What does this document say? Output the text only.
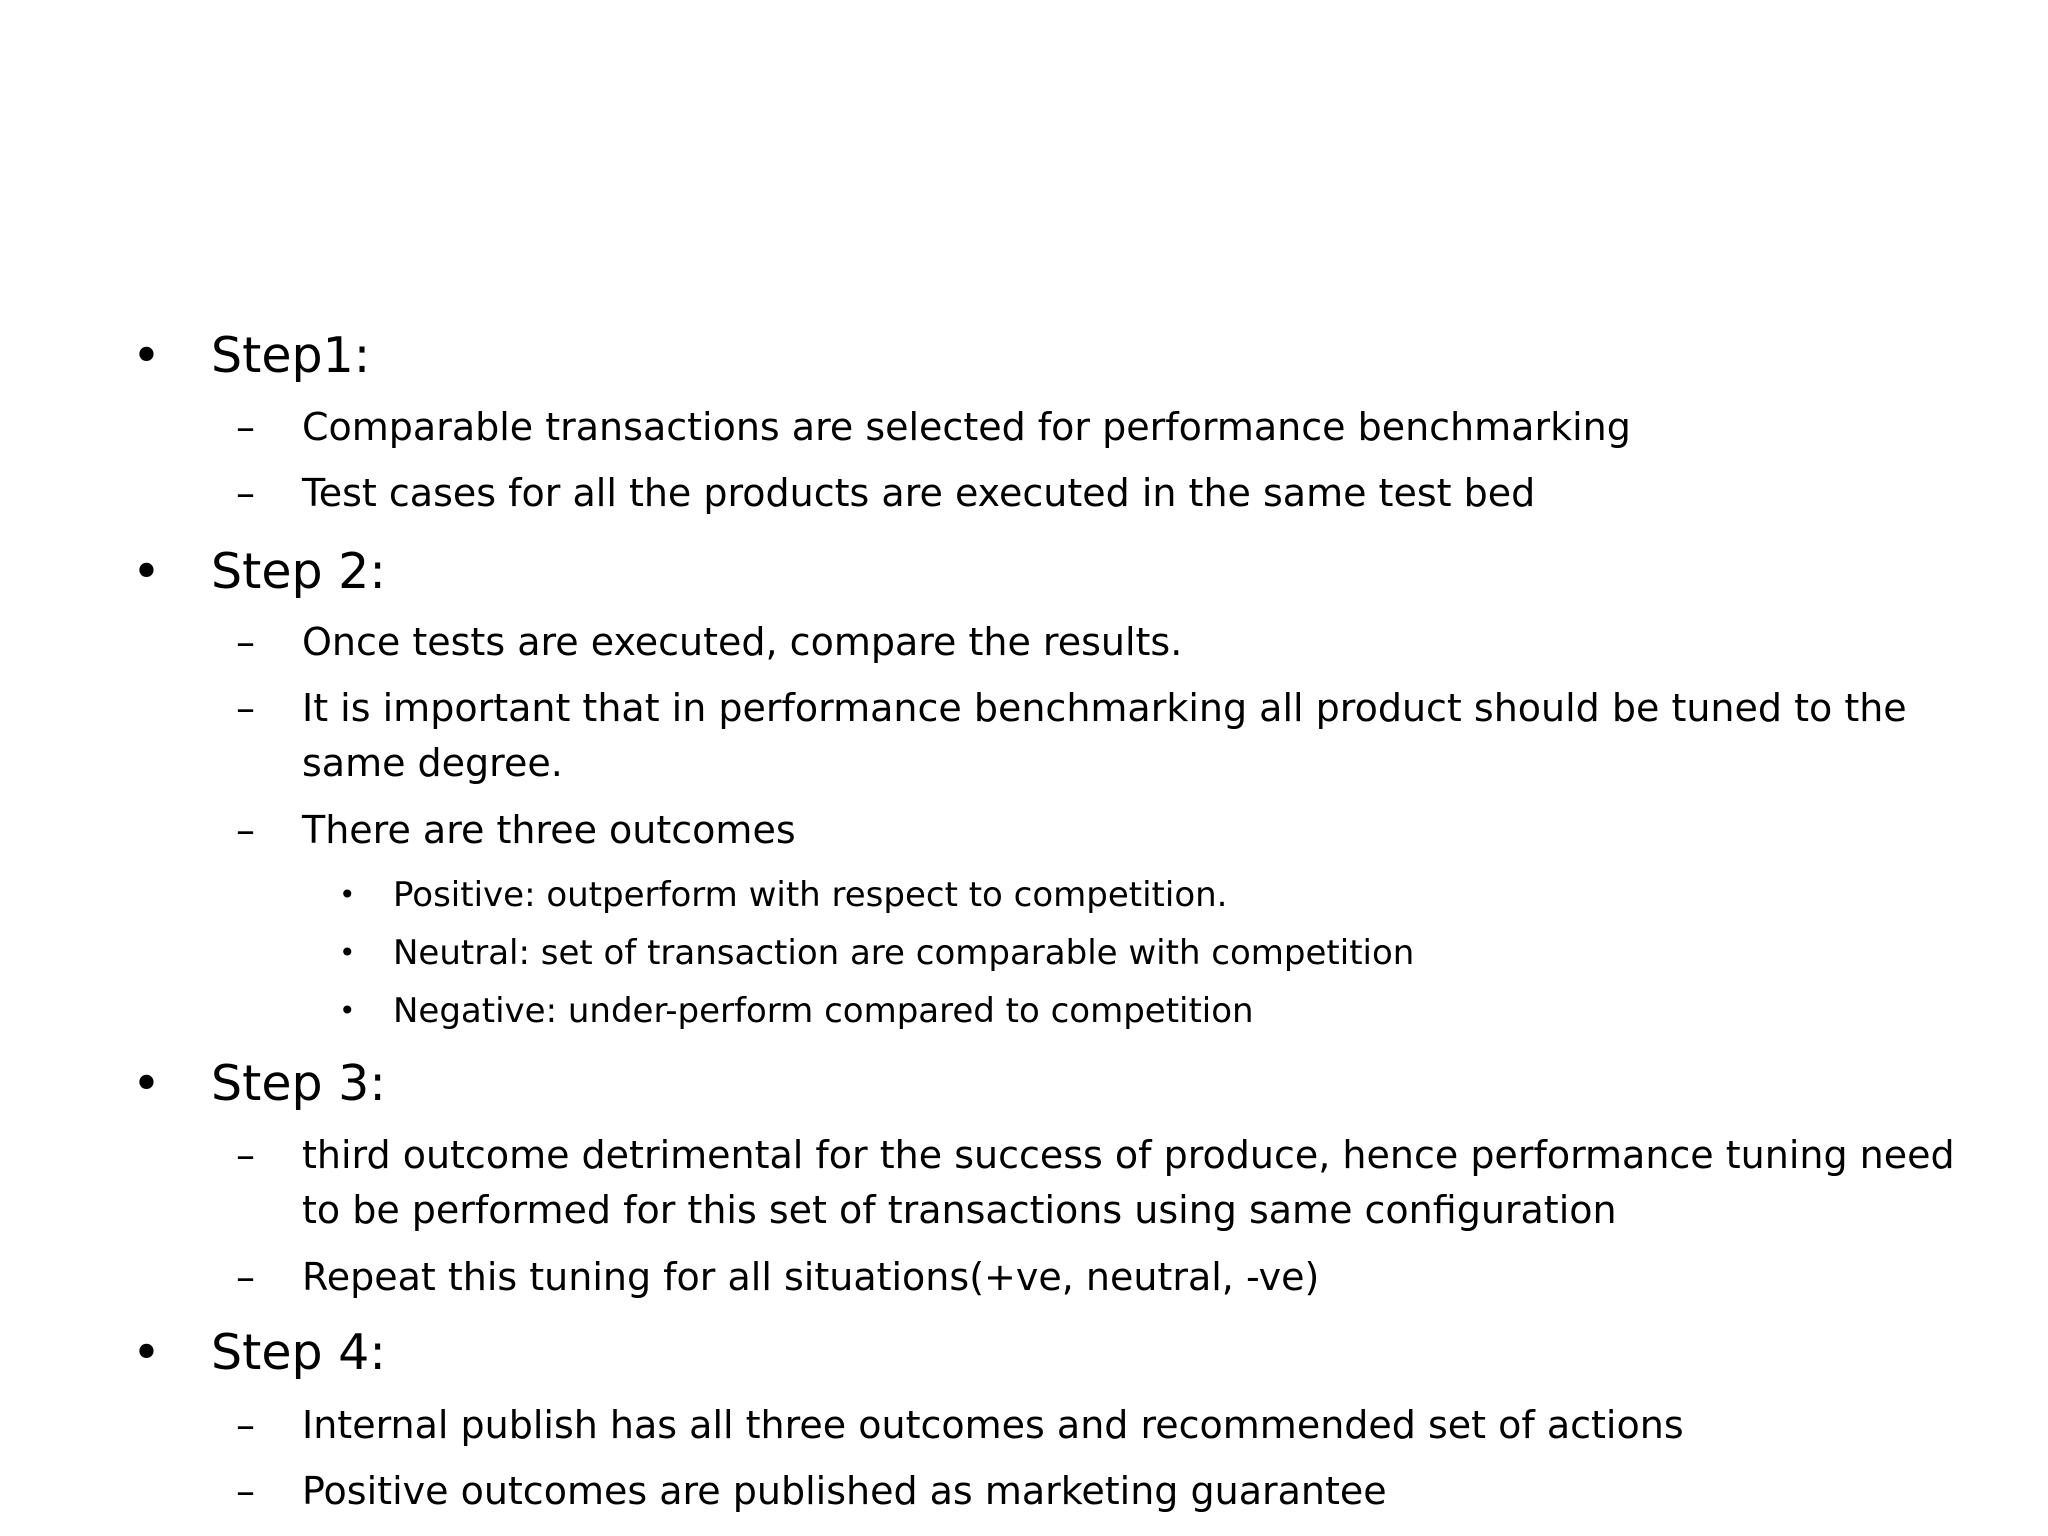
• Step1:
– Comparable transactions are selected for performance benchmarking
– Test cases for all the products are executed in the same test bed
• Step 2:
– Once tests are executed, compare the results.
– It is important that in performance benchmarking all product should be tuned to the
same degree.
– There are three outcomes
• Positive: outperform with respect to competition.
• Neutral: set of transaction are comparable with competition
• Negative: under-perform compared to competition
• Step 3:
– third outcome detrimental for the success of produce, hence performance tuning need
to be performed for this set of transactions using same configuration
– Repeat this tuning for all situations(+ve, neutral, -ve)
• Step 4:
– Internal publish has all three outcomes and recommended set of actions
– Positive outcomes are published as marketing guarantee
